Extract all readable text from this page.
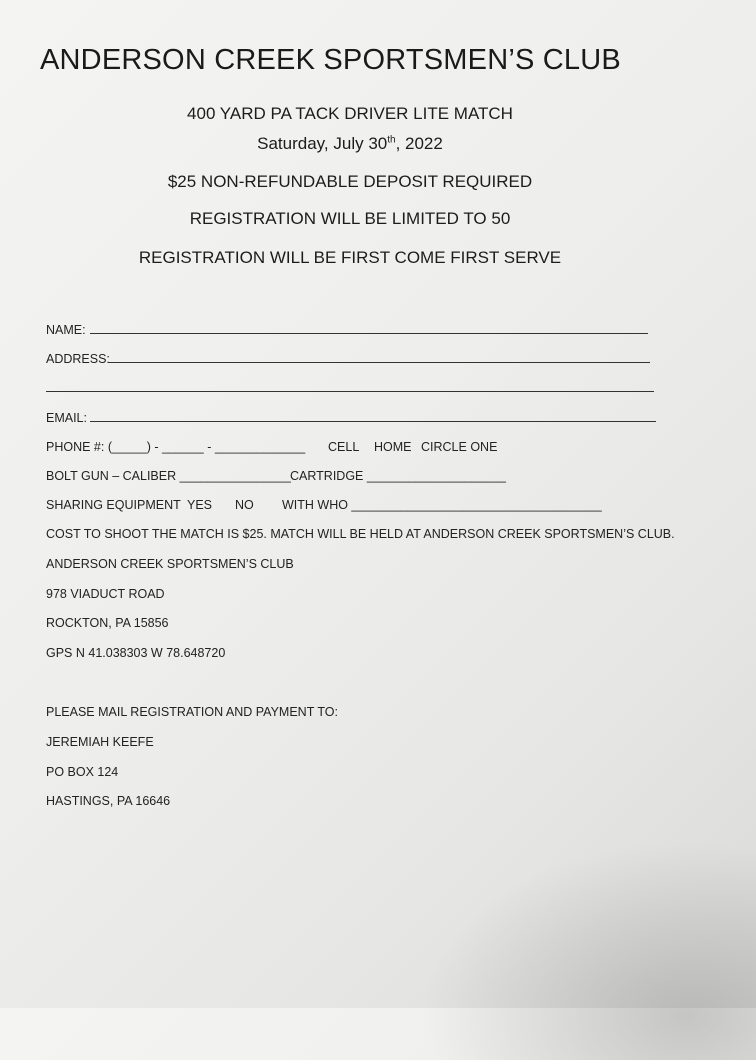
ANDERSON CREEK SPORTSMEN’S CLUB
400 YARD PA TACK DRIVER LITE MATCH
Saturday, July 30th, 2022
$25 NON-REFUNDABLE DEPOSIT REQUIRED
REGISTRATION WILL BE LIMITED TO 50
REGISTRATION WILL BE FIRST COME FIRST SERVE
NAME:
ADDRESS:
EMAIL:
PHONE #: (_____) - ______ - _____________ CELL HOME CIRCLE ONE
BOLT GUN – CALIBER ________________ CARTRIDGE ____________________
SHARING EQUIPMENT YES NO WITH WHO ____________________________________
COST TO SHOOT THE MATCH IS $25. MATCH WILL BE HELD AT ANDERSON CREEK SPORTSMEN’S CLUB.
ANDERSON CREEK SPORTSMEN’S CLUB
978 VIADUCT ROAD
ROCKTON, PA 15856
GPS N 41.038303 W 78.648720
PLEASE MAIL REGISTRATION AND PAYMENT TO:
JEREMIAH KEEFE
PO BOX 124
HASTINGS, PA 16646
